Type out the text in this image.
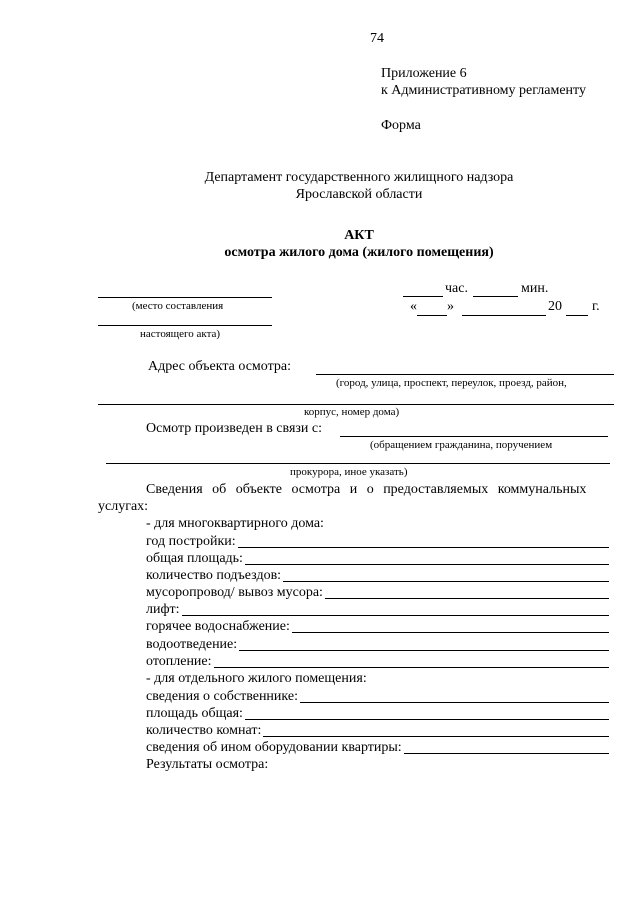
74
Приложение 6
к Административному регламенту
Форма
Департамент государственного жилищного надзора
Ярославской области
АКТ
осмотра жилого дома (жилого помещения)
(место составления
настоящего акта)
час.	мин.
« »	20 г.
Адрес объекта осмотра:
(город, улица, проспект, переулок, проезд, район,
корпус, номер дома)
Осмотр произведен в связи с:
(обращением гражданина, поручением
прокурора, иное указать)
Сведения об объекте осмотра и о предоставляемых коммунальных
услугах:
- для многоквартирного дома:
год постройки:
общая площадь:
количество подъездов:
мусоропровод/ вывоз мусора:
лифт:
горячее водоснабжение:
водоотведение:
отопление:
- для отдельного жилого помещения:
сведения о собственнике:
площадь общая:
количество комнат:
сведения об ином оборудовании квартиры:
Результаты осмотра:
